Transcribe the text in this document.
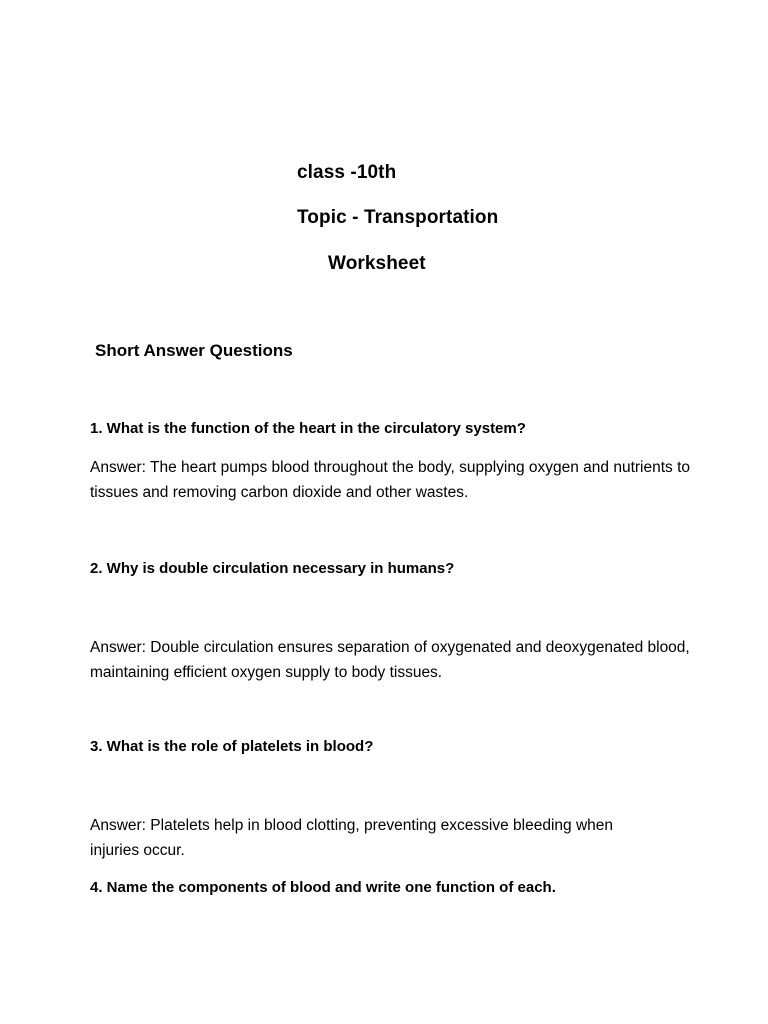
class -10th
Topic - Transportation
Worksheet
Short Answer Questions
1. What is the function of the heart in the circulatory system?

Answer: The heart pumps blood throughout the body, supplying oxygen and nutrients to tissues and removing carbon dioxide and other wastes.

2. Why is double circulation necessary in humans?

Answer: Double circulation ensures separation of oxygenated and deoxygenated blood, maintaining efficient oxygen supply to body tissues.

3. What is the role of platelets in blood?

Answer: Platelets help in blood clotting, preventing excessive bleeding when injuries occur.

4. Name the components of blood and write one function of each.
